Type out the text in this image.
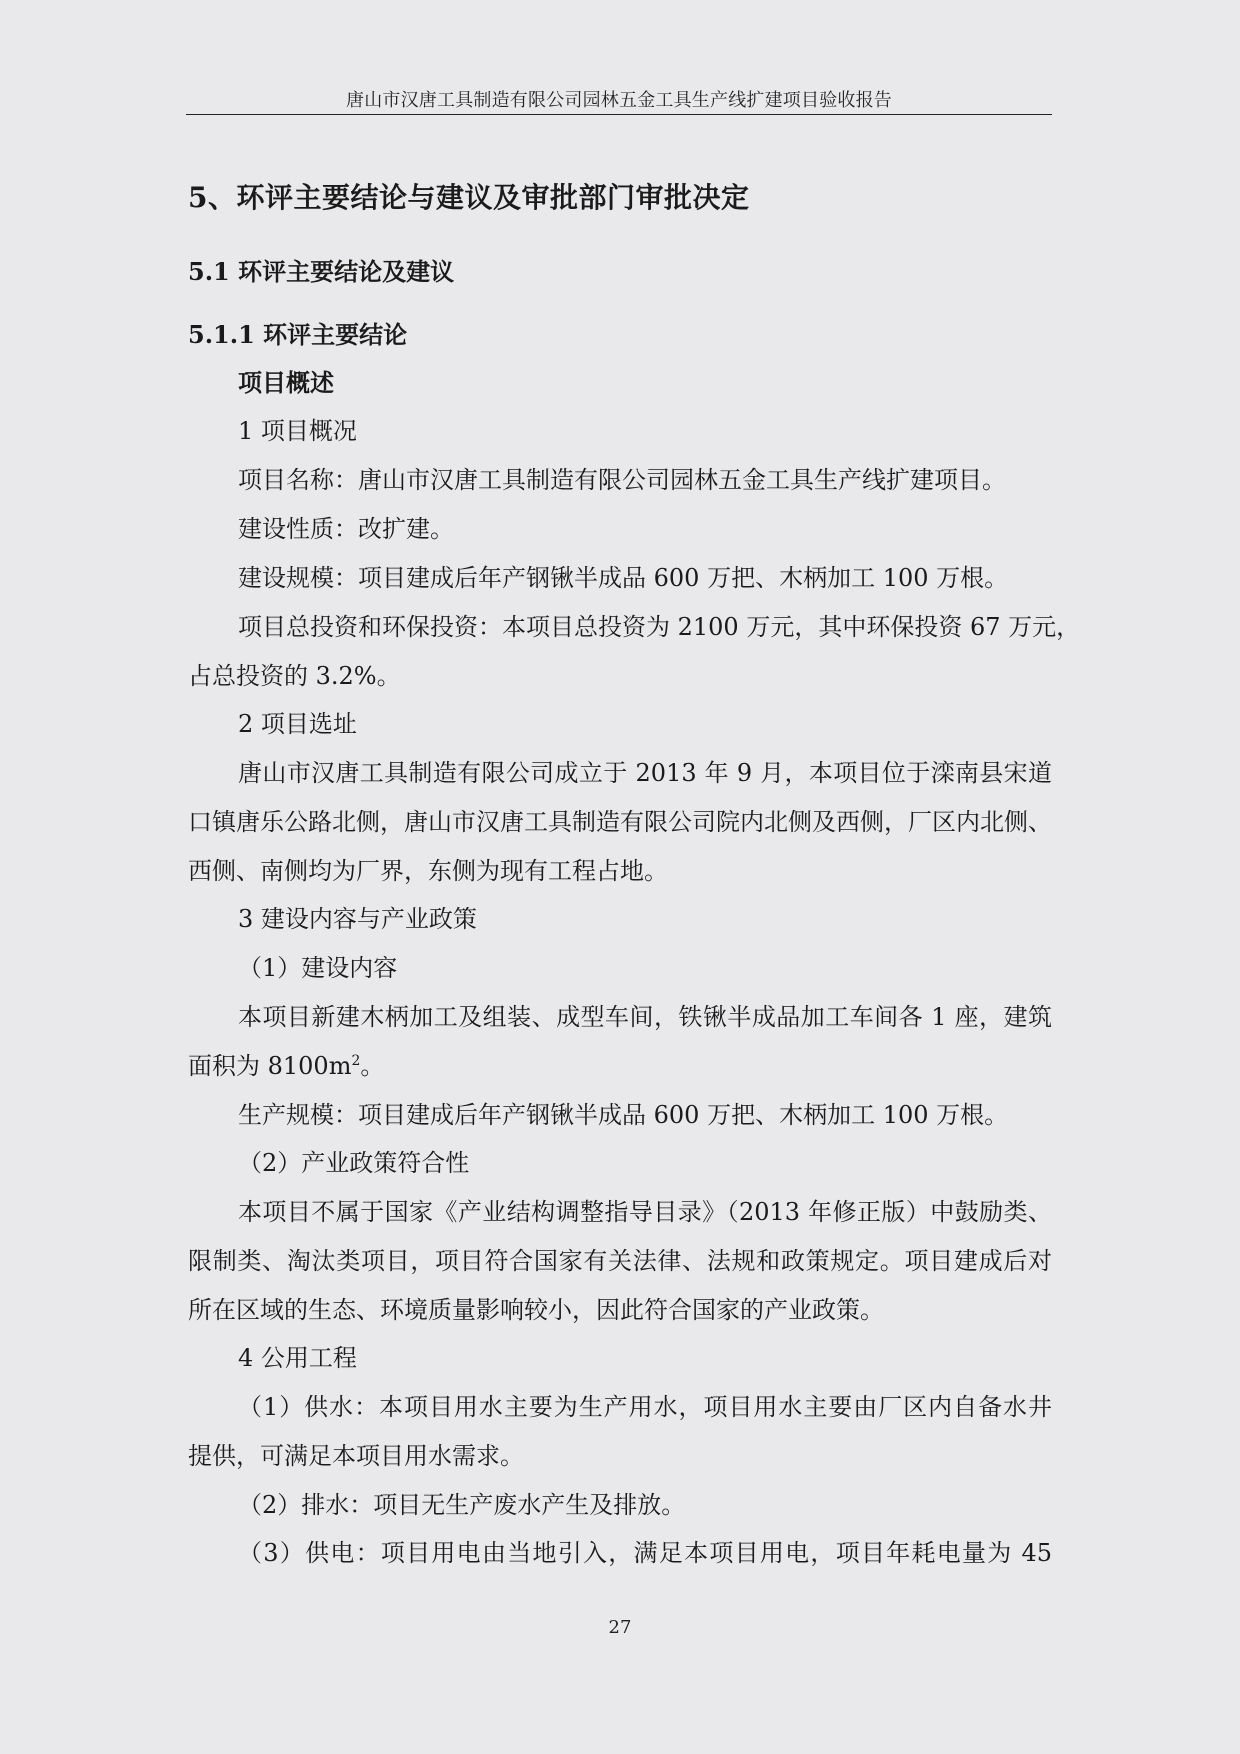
唐山市汉唐工具制造有限公司园林五金工具生产线扩建项目验收报告
5、环评主要结论与建议及审批部门审批决定
5.1 环评主要结论及建议
5.1.1 环评主要结论
项目概述
1 项目概况
项目名称：唐山市汉唐工具制造有限公司园林五金工具生产线扩建项目。
建设性质：改扩建。
建设规模：项目建成后年产钢锹半成品 600 万把、木柄加工 100 万根。
项目总投资和环保投资：本项目总投资为 2100 万元，其中环保投资 67 万元，
占总投资的 3.2%。
2 项目选址
唐山市汉唐工具制造有限公司成立于 2013 年 9 月，本项目位于滦南县宋道
口镇唐乐公路北侧，唐山市汉唐工具制造有限公司院内北侧及西侧，厂区内北侧、
西侧、南侧均为厂界，东侧为现有工程占地。
3 建设内容与产业政策
（1）建设内容
本项目新建木柄加工及组装、成型车间，铁锹半成品加工车间各 1 座，建筑
面积为 $8100m^2$。
生产规模：项目建成后年产钢锹半成品 600 万把、木柄加工 100 万根。
（2）产业政策符合性
本项目不属于国家《产业结构调整指导目录》（2013 年修正版）中鼓励类、
限制类、淘汰类项目，项目符合国家有关法律、法规和政策规定。项目建成后对
所在区域的生态、环境质量影响较小，因此符合国家的产业政策。
4 公用工程
（1）供水：本项目用水主要为生产用水，项目用水主要由厂区内自备水井
提供，可满足本项目用水需求。
（2）排水：项目无生产废水产生及排放。
（3）供电：项目用电由当地引入，满足本项目用电，项目年耗电量为 45
27
